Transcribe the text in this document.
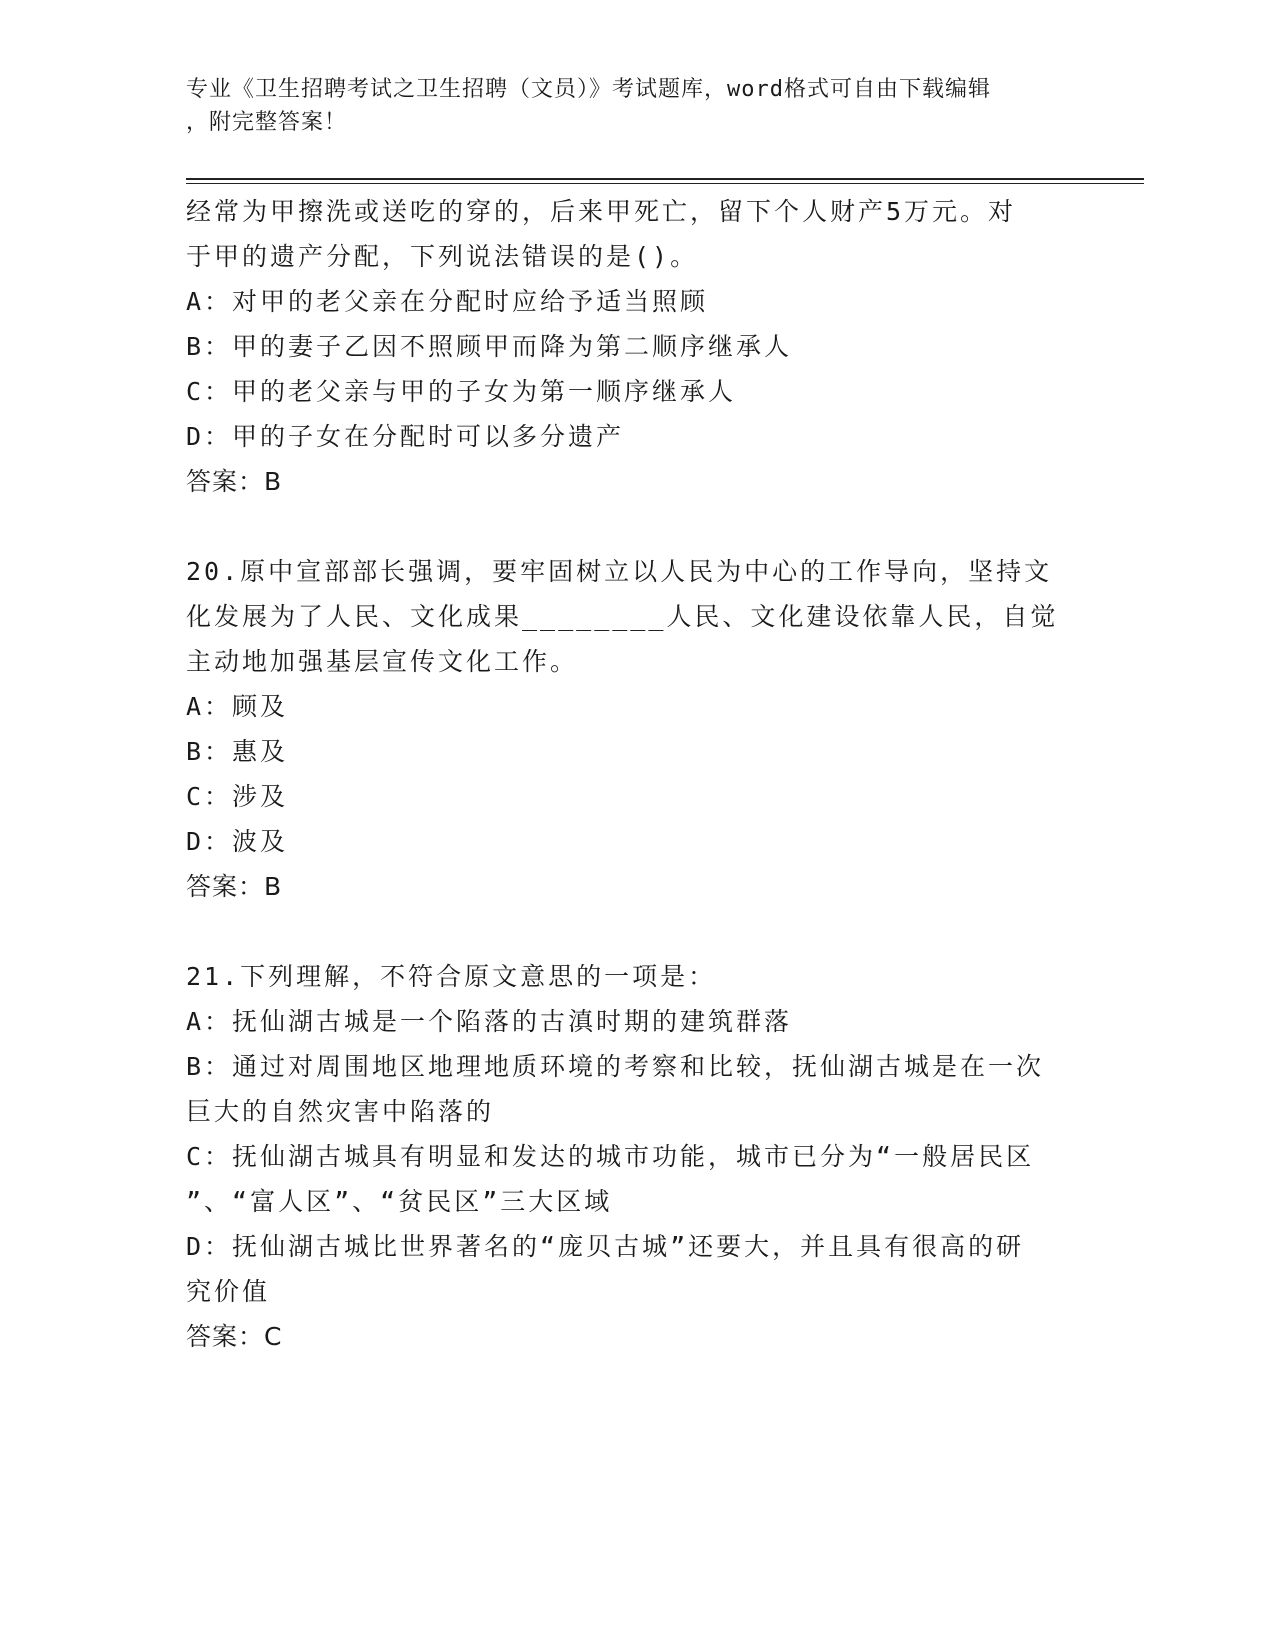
专业《卫生招聘考试之卫生招聘（文员）》考试题库，word格式可自由下载编辑
，附完整答案！
经常为甲擦洗或送吃的穿的，后来甲死亡，留下个人财产5万元。对
于甲的遗产分配，下列说法错误的是()。
A：对甲的老父亲在分配时应给予适当照顾
B：甲的妻子乙因不照顾甲而降为第二顺序继承人
C：甲的老父亲与甲的子女为第一顺序继承人
D：甲的子女在分配时可以多分遗产
答案：B
20.原中宣部部长强调，要牢固树立以人民为中心的工作导向，坚持文
化发展为了人民、文化成果________人民、文化建设依靠人民，自觉
主动地加强基层宣传文化工作。
A：顾及
B：惠及
C：涉及
D：波及
答案：B
21.下列理解，不符合原文意思的一项是：
A：抚仙湖古城是一个陷落的古滇时期的建筑群落
B：通过对周围地区地理地质环境的考察和比较，抚仙湖古城是在一次
巨大的自然灾害中陷落的
C：抚仙湖古城具有明显和发达的城市功能，城市已分为“一般居民区
”、“富人区”、“贫民区”三大区域
D：抚仙湖古城比世界著名的“庞贝古城”还要大，并且具有很高的研
究价值
答案：C
